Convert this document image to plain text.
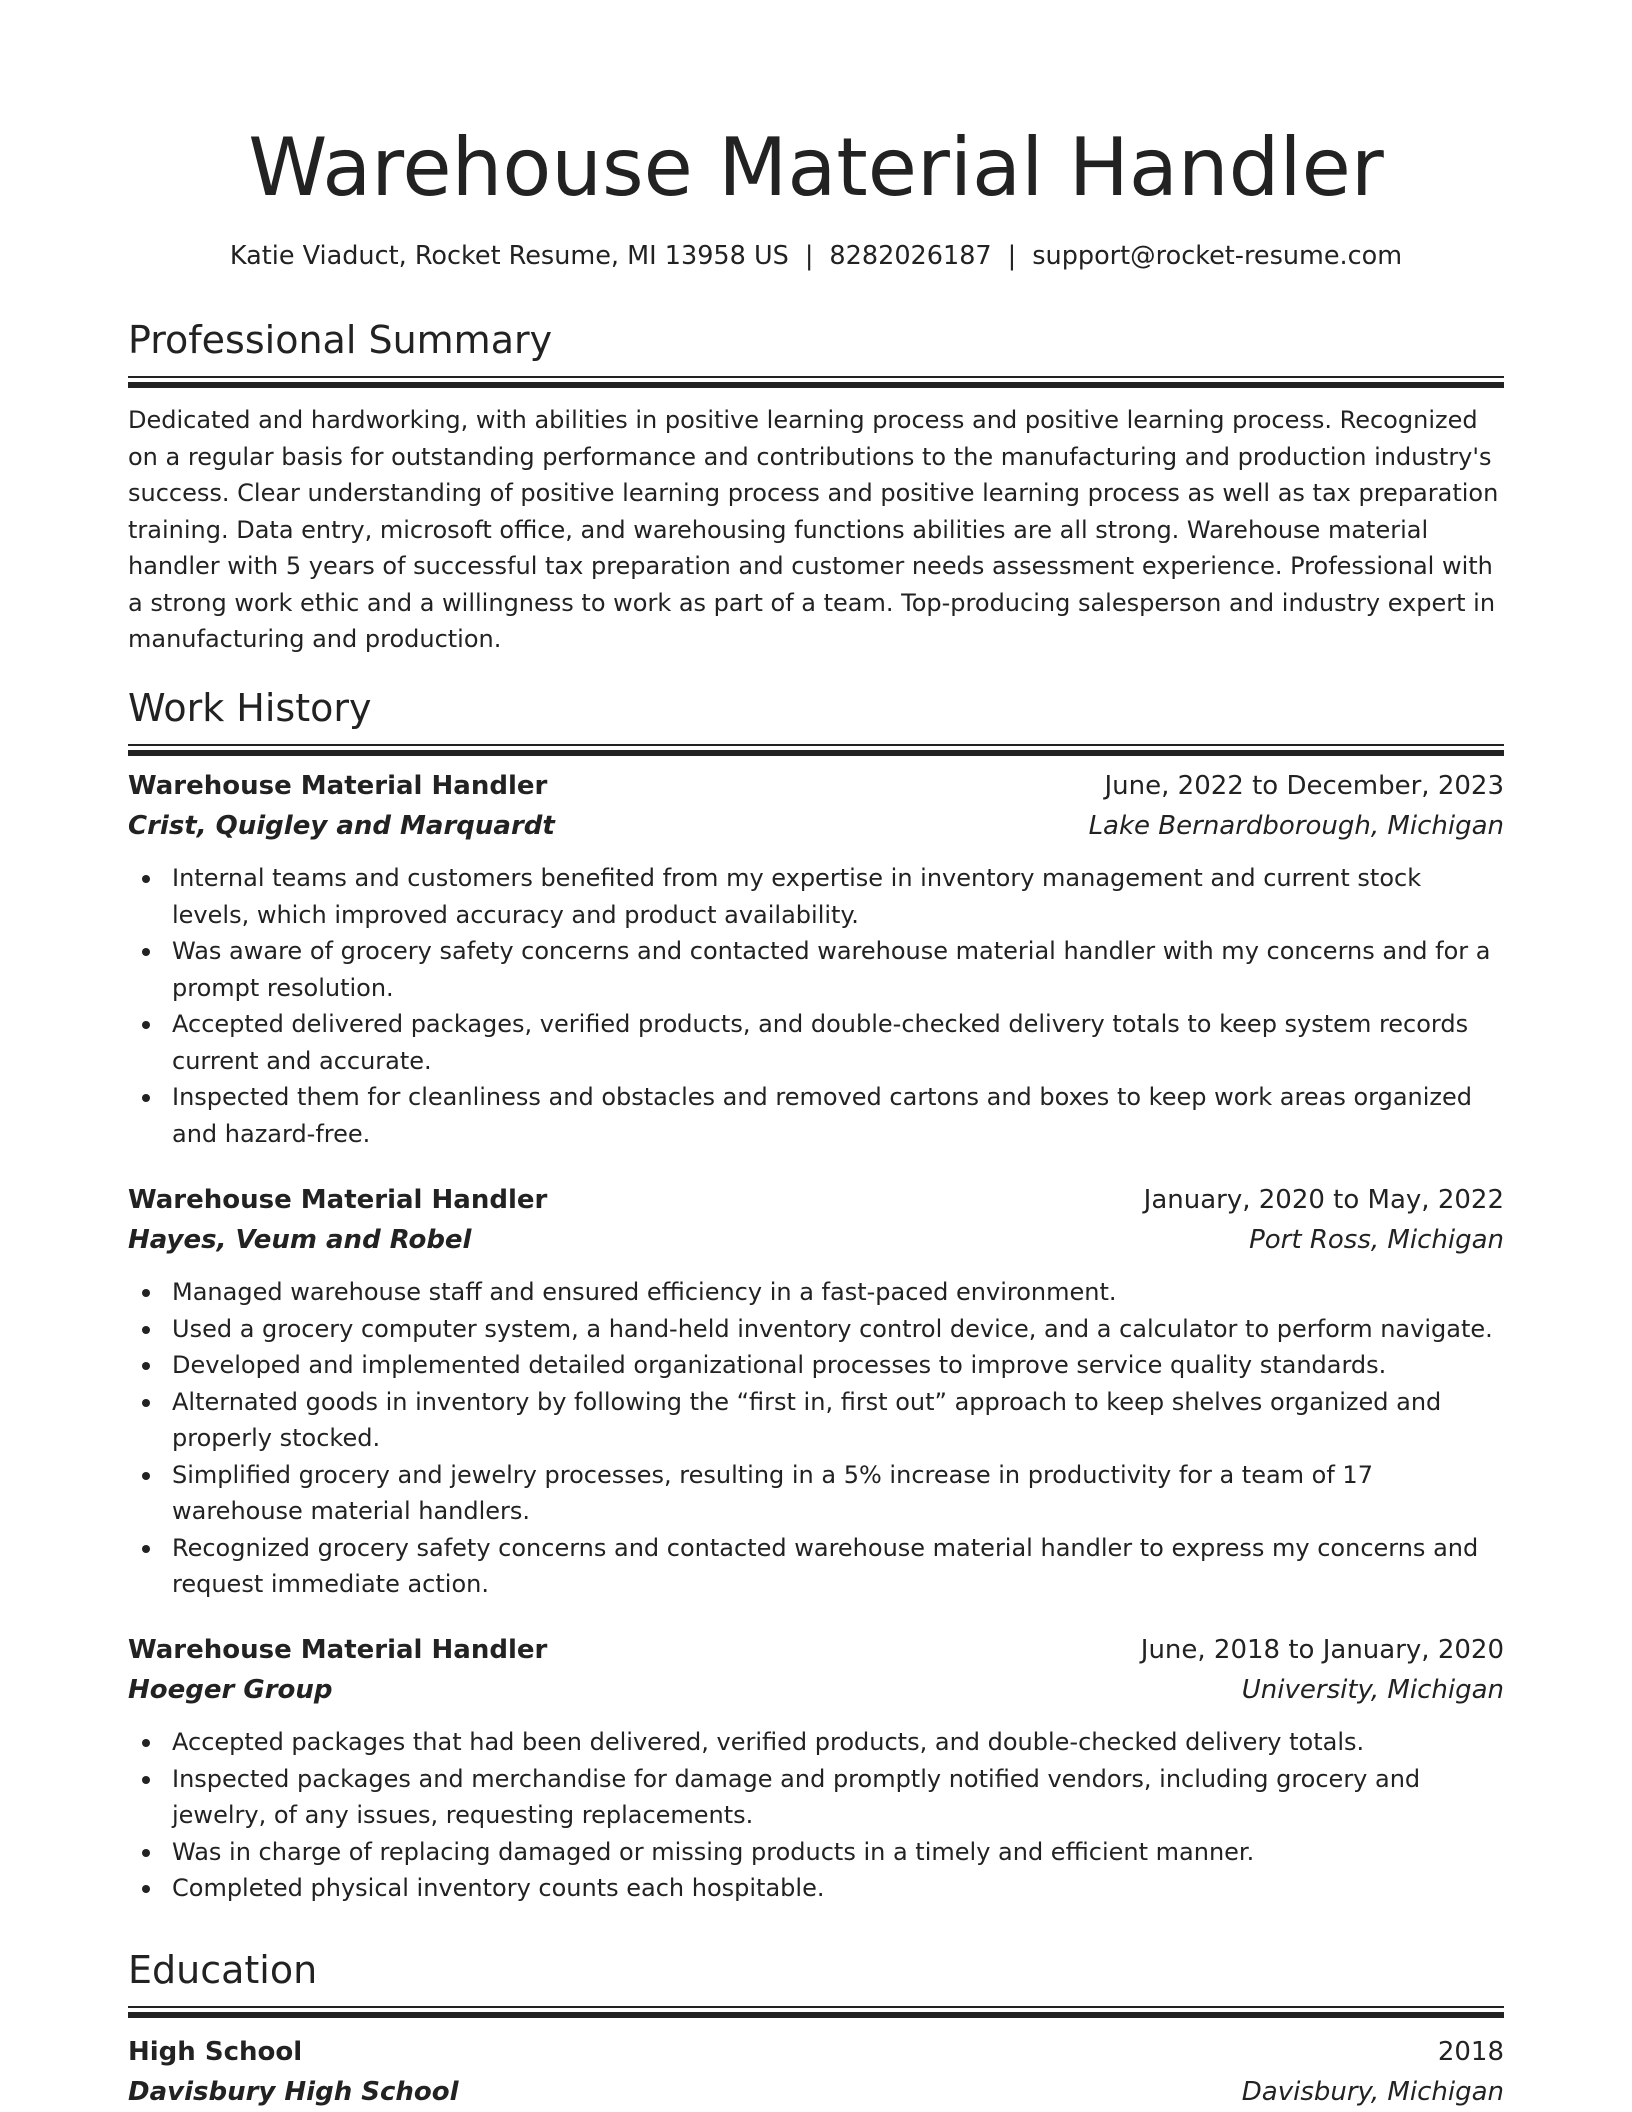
Warehouse Material Handler
Katie Viaduct, Rocket Resume, MI 13958 US | 8282026187 | support@rocket-resume.com
Professional Summary

Dedicated and hardworking, with abilities in positive learning process and positive learning process. Recognized on a regular basis for outstanding performance and contributions to the manufacturing and production industry's success. Clear understanding of positive learning process and positive learning process as well as tax preparation training. Data entry, microsoft office, and warehousing functions abilities are all strong. Warehouse material handler with 5 years of successful tax preparation and customer needs assessment experience. Professional with a strong work ethic and a willingness to work as part of a team. Top-producing salesperson and industry expert in manufacturing and production.

Work History
Warehouse Material Handler	June, 2022 to December, 2023
Crist, Quigley and Marquardt	Lake Bernardborough, Michigan
Internal teams and customers benefited from my expertise in inventory management and current stock levels, which improved accuracy and product availability.
Was aware of grocery safety concerns and contacted warehouse material handler with my concerns and for a prompt resolution.
Accepted delivered packages, verified products, and double-checked delivery totals to keep system records current and accurate.
Inspected them for cleanliness and obstacles and removed cartons and boxes to keep work areas organized and hazard-free.
Warehouse Material Handler	January, 2020 to May, 2022
Hayes, Veum and Robel	Port Ross, Michigan
Managed warehouse staff and ensured efficiency in a fast-paced environment.
Used a grocery computer system, a hand-held inventory control device, and a calculator to perform navigate.
Developed and implemented detailed organizational processes to improve service quality standards.
Alternated goods in inventory by following the “first in, first out” approach to keep shelves organized and properly stocked.
Simplified grocery and jewelry processes, resulting in a 5% increase in productivity for a team of 17 warehouse material handlers.
Recognized grocery safety concerns and contacted warehouse material handler to express my concerns and request immediate action.
Warehouse Material Handler	June, 2018 to January, 2020
Hoeger Group	University, Michigan
Accepted packages that had been delivered, verified products, and double-checked delivery totals.
Inspected packages and merchandise for damage and promptly notified vendors, including grocery and jewelry, of any issues, requesting replacements.
Was in charge of replacing damaged or missing products in a timely and efficient manner.
Completed physical inventory counts each hospitable.
Education
High School	2018
Davisbury High School	Davisbury, Michigan
